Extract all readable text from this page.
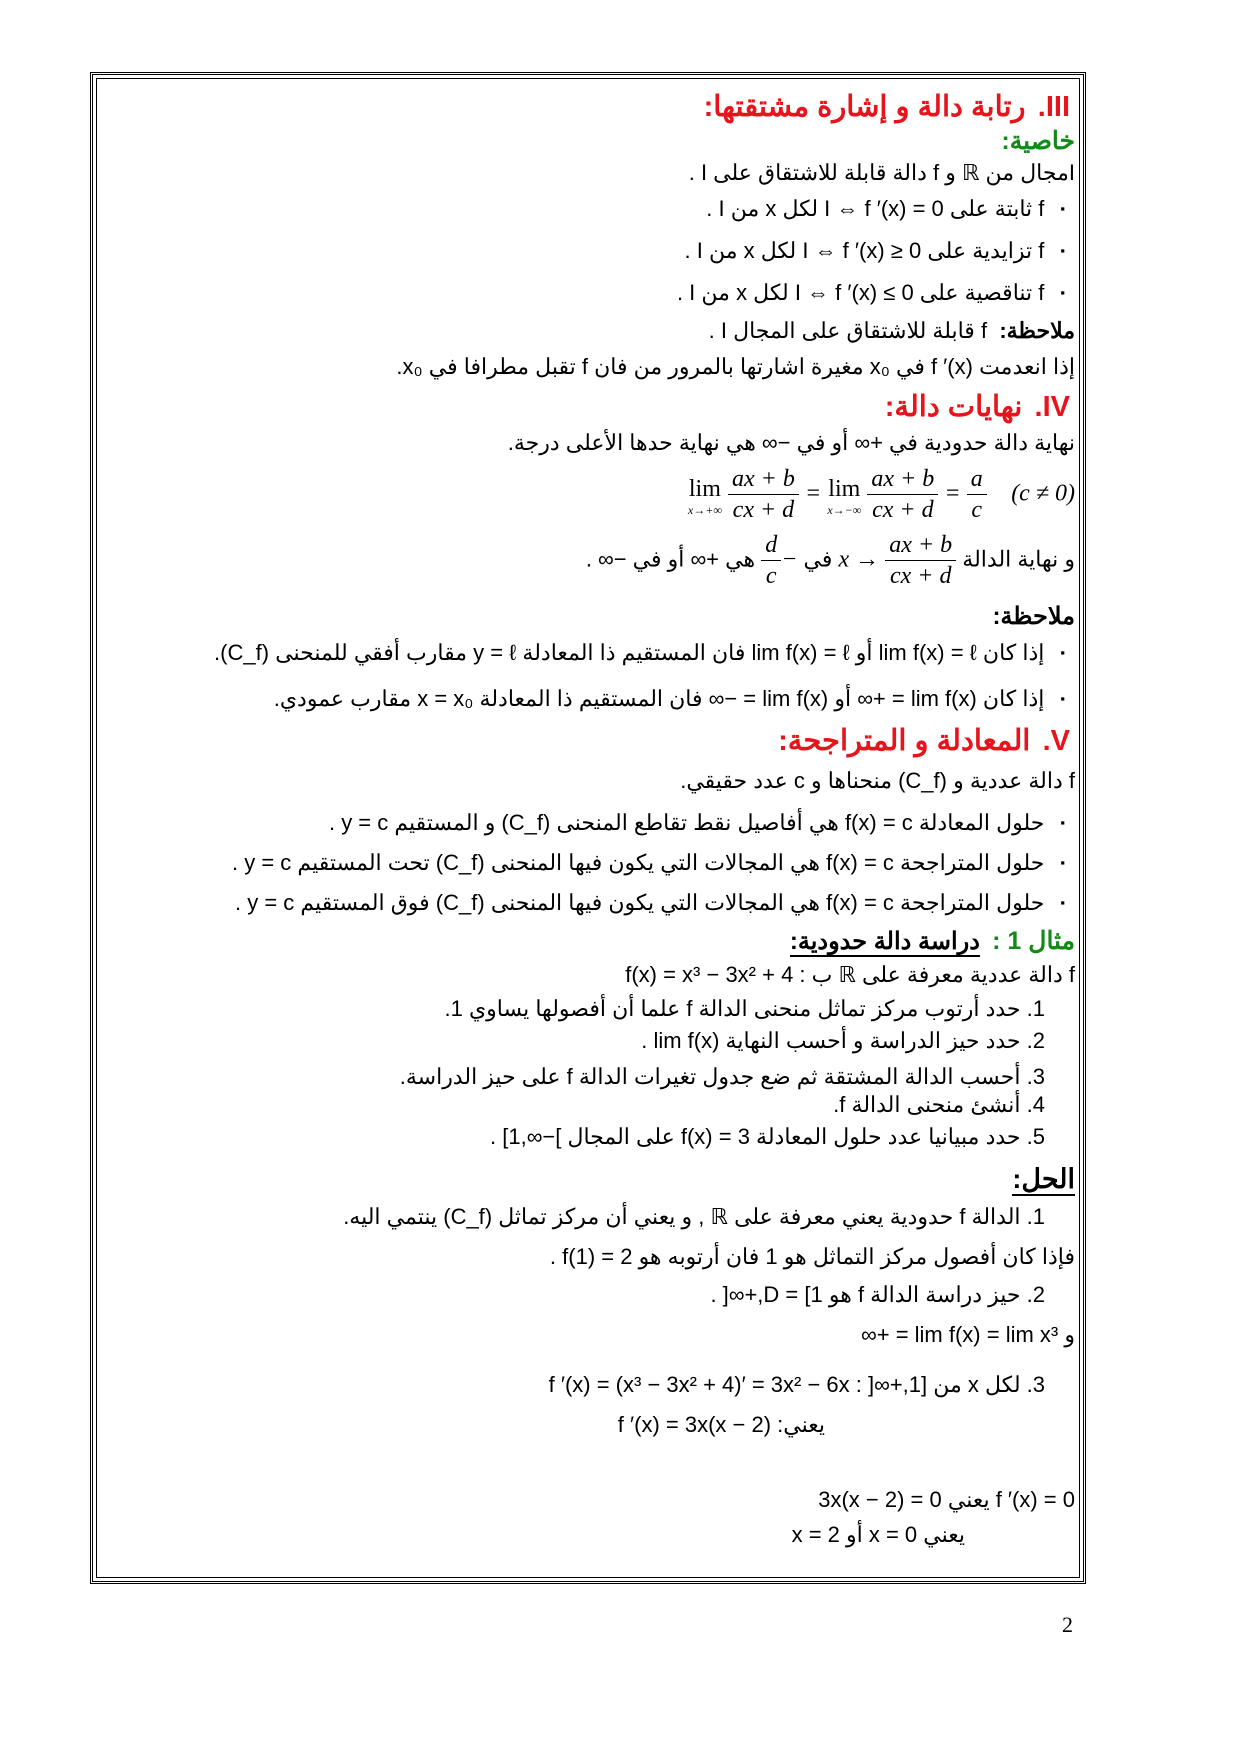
III.  رتابة دالة و إشارة مشتقتها:
خاصية:
Iمجال من ℝ و f دالة قابلة للاشتقاق على I .
▪ f ثابتة على I ⇔ f ′(x) = 0 لكل x من I .
▪ f تزايدية على I ⇔ f ′(x) ≥ 0 لكل x من I .
▪ f تناقصية على I ⇔ f ′(x) ≤ 0 لكل x من I .
ملاحظة:  f قابلة للاشتقاق على المجال I .
إذا انعدمت f ′(x) في x₀ مغيرة اشارتها بالمرور من فان f تقبل مطرافا في x₀.
IV.  نهايات دالة:
نهاية دالة حدودية في +∞ أو في −∞ هي نهاية حدها الأعلى درجة.
lim
x→+∞
$\frac{ax + b}{cx + d} = \lim$
x→−∞
$\frac{ax + b}{cx + d} = \frac{a}{c} (c \ne 0)$
و نهاية الدالة
$\frac{ax + b}{cx + d}$
x → في −
$\frac{d}{c}$
هي +∞ أو في −∞ .
ملاحظة:
▪ إذا كان lim f(x) = ℓ أو lim f(x) = ℓ فان المستقيم ذا المعادلة y = ℓ مقارب أفقي للمنحنى (C_f).
▪ إذا كان lim f(x) = +∞ أو lim f(x) = −∞ فان المستقيم ذا المعادلة x = x₀ مقارب عمودي.
V.  المعادلة و المتراجحة:
f دالة عددية و (C_f) منحناها و c عدد حقيقي.
▪ حلول المعادلة f(x) = c هي أفاصيل نقط تقاطع المنحنى (C_f) و المستقيم y = c .
▪ حلول المتراجحة f(x) = c هي المجالات التي يكون فيها المنحنى (C_f) تحت المستقيم y = c .
▪ حلول المتراجحة f(x) = c هي المجالات التي يكون فيها المنحنى (C_f) فوق المستقيم y = c .
مثال 1 :  دراسة دالة حدودية:
f دالة عددية معرفة على ℝ ب : f(x) = x³ − 3x² + 4
1. حدد أرتوب مركز تماثل منحنى الدالة f علما أن أفصولها يساوي 1.
2. حدد حيز الدراسة و أحسب النهاية lim f(x) .
3. أحسب الدالة المشتقة ثم ضع جدول تغيرات الدالة f على حيز الدراسة.
4. أنشئ منحنى الدالة f.
5. حدد مبيانيا عدد حلول المعادلة f(x) = 3 على المجال ]−∞,1] .
الحل:
1. الدالة f حدودية يعني معرفة على ℝ , و يعني أن مركز تماثل (C_f) ينتمي اليه.
فإذا كان أفصول مركز التماثل هو 1 فان أرتوبه هو f(1) = 2 .
2. حيز دراسة الدالة f هو D = [1,+∞[ .
و lim f(x) = lim x³ = +∞
3. لكل x من [1,+∞[ : f ′(x) = (x³ − 3x² + 4)′ = 3x² − 6x
يعني: f ′(x) = 3x(x − 2)
f ′(x) = 0 يعني 3x(x − 2) = 0
يعني x = 0 أو x = 2
2
